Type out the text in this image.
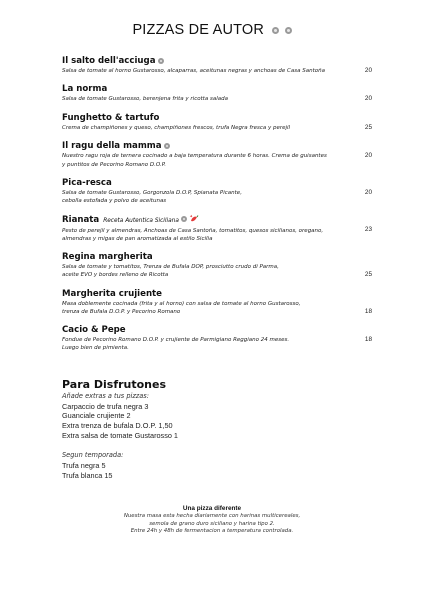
PIZZAS DE AUTOR
Il salto dell'acciuga
Salsa de tomate al horno Gustarosso, alcaparras, aceitunas negras y anchoas de Casa Santoña	20
La norma
Salsa de tomate Gustarosso, berenjena frita y ricotta salada	20
Funghetto & tartufo
Crema de champiñones y queso, champiñones frescos, trufa Negra fresca y perejil	25
Il ragu della mamma
Nuestro ragu roja de ternera cocinado a baja temperatura durante 6 horas. Crema de guisantes
y puntitos de Pecorino Romano D.O.P.
20
Pica-resca
Salsa de tomate Gustarosso, Gorgonzola D.O.P, Spianata Picante,
cebolla estofada y polvo de aceitunas
20
Rianata Receta Autentica Siciliana
Pesto de perejil y almendras, Anchoas de Casa Santoña, tomatitos, quesos sicilianos, oregano,
almendras y migas de pan aromatizada al estilo Sicilia
23
Regina margherita
Salsa de tomate y tomatitos, Trenza de Bufala DOP, prosciutto crudo di Parma,
aceite EVO y bordes relleno de Ricotta	25
Margherita crujiente
Masa doblemente cocinada (frita y al horno) con salsa de tomate al horno Gustarosso,
trenza de Bufala D.O.P. y Pecorino Romano	18
Cacio & Pepe
Fondue de Pecorino Romano D.O.P. y crujiente de Parmigiano Reggiano 24 meses.
Luego bien de pimienta.
18
Para Disfrutones
Añade extras a tus pizzas:
Carpaccio de trufa negra 3
Guanciale crujiente 2
Extra trenza de bufala D.O.P. 1,50
Extra salsa de tomate Gustarosso 1
Segun temporada:
Trufa negra 5
Trufa blanca 15
Una pizza diferente
Nuestra masa esta hecha diariamente con harinas multicereales,
semola de grano duro siciliano y harina tipo 2.
Entre 24h y 48h de fermentacion a temperatura controlada.
